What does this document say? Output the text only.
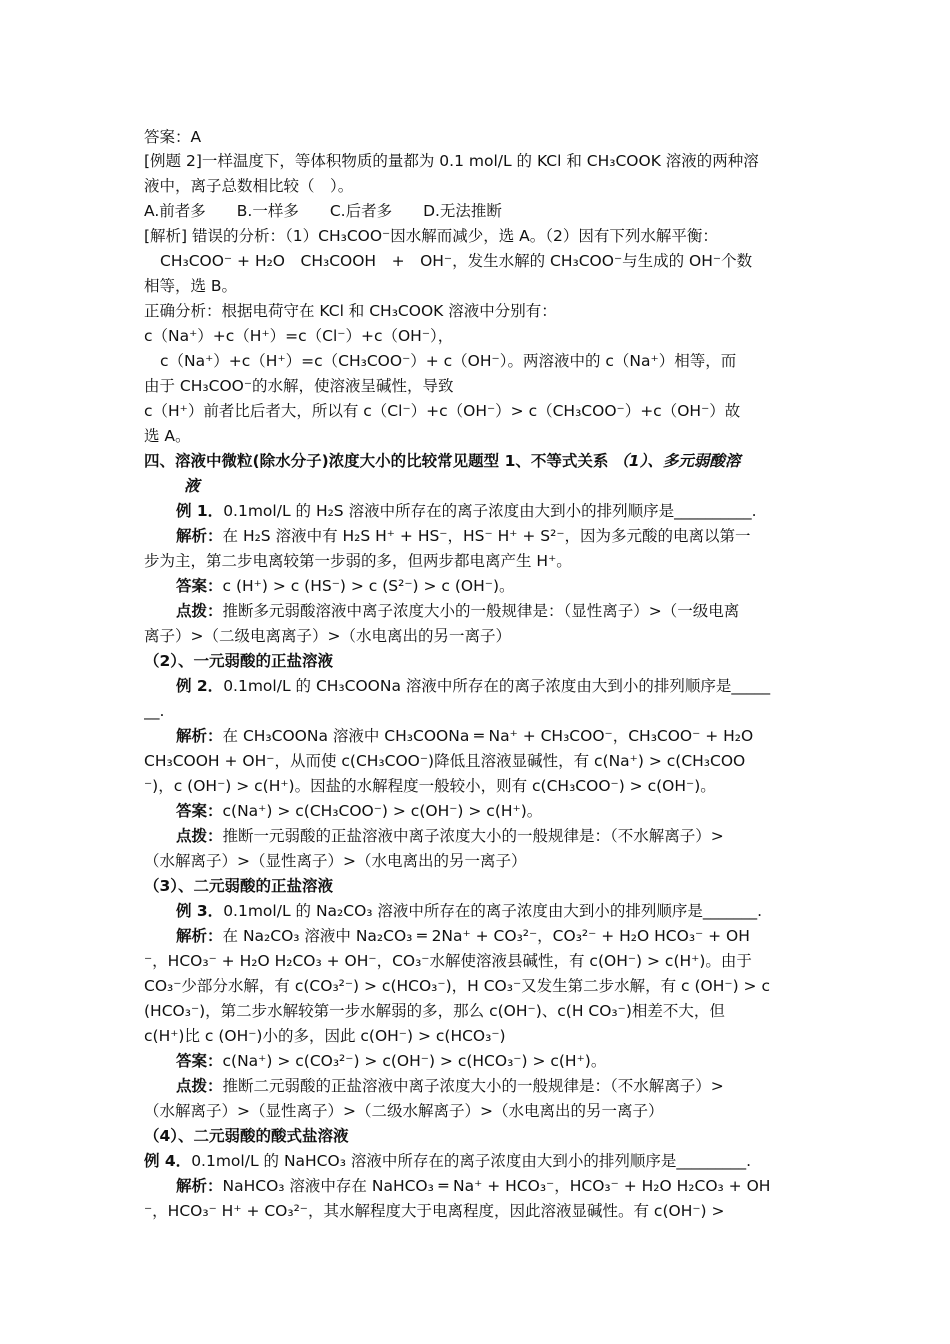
答案：A
[例题 2]一样温度下，等体积物质的量都为 0.1 mol/L 的 KCl 和 CH₃COOK 溶液的两种溶
液中，离子总数相比较（　）。
A.前者多　　B.一样多　　C.后者多　　D.无法推断
[解析] 错误的分析：（1）CH₃COO⁻因水解而减少，选 A。（2）因有下列水解平衡：
CH₃COO⁻ + H₂O　CH₃COOH　+　OH⁻，发生水解的 CH₃COO⁻与生成的 OH⁻个数
相等，选 B。
正确分析：根据电荷守在 KCl 和 CH₃COOK 溶液中分别有：
c（Na⁺）+c（H⁺）=c（Cl⁻）+c（OH⁻），
c（Na⁺）+c（H⁺）=c（CH₃COO⁻）+ c（OH⁻）。两溶液中的 c（Na⁺）相等，而
由于 CH₃COO⁻的水解，使溶液呈碱性，导致
c（H⁺）前者比后者大，所以有 c（Cl⁻）+c（OH⁻）> c（CH₃COO⁻）+c（OH⁻）故
选 A。
四、溶液中微粒(除水分子)浓度大小的比较常见题型 1、不等式关系 （1）、多元弱酸溶
液
例 1．0.1mol/L 的 H₂S 溶液中所存在的离子浓度由大到小的排列顺序是__________.
解析：在 H₂S 溶液中有 H₂S H⁺ + HS⁻，HS⁻ H⁺ + S²⁻，因为多元酸的电离以第一
步为主，第二步电离较第一步弱的多，但两步都电离产生 H⁺。
答案：c (H⁺) > c (HS⁻) > c (S²⁻) > c (OH⁻)。
点拨：推断多元弱酸溶液中离子浓度大小的一般规律是：（显性离子）>（一级电离
离子）>（二级电离离子）>（水电离出的另一离子）
（2）、一元弱酸的正盐溶液
例 2．0.1mol/L 的 CH₃COONa 溶液中所存在的离子浓度由大到小的排列顺序是_____
__.
解析：在 CH₃COONa 溶液中 CH₃COONa ═ Na⁺ + CH₃COO⁻，CH₃COO⁻ + H₂O
CH₃COOH + OH⁻，从而使 c(CH₃COO⁻)降低且溶液显碱性，有 c(Na⁺) > c(CH₃COO
⁻)，c (OH⁻) > c(H⁺)。因盐的水解程度一般较小，则有 c(CH₃COO⁻) > c(OH⁻)。
答案：c(Na⁺) > c(CH₃COO⁻) > c(OH⁻) > c(H⁺)。
点拨：推断一元弱酸的正盐溶液中离子浓度大小的一般规律是：（不水解离子）>
（水解离子）>（显性离子）>（水电离出的另一离子）
（3）、二元弱酸的正盐溶液
例 3．0.1mol/L 的 Na₂CO₃ 溶液中所存在的离子浓度由大到小的排列顺序是_______.
解析：在 Na₂CO₃ 溶液中 Na₂CO₃ ═ 2Na⁺ + CO₃²⁻，CO₃²⁻ + H₂O HCO₃⁻ + OH
⁻，HCO₃⁻ + H₂O H₂CO₃ + OH⁻，CO₃⁻水解使溶液县碱性，有 c(OH⁻) > c(H⁺)。由于
CO₃⁻少部分水解，有 c(CO₃²⁻) > c(HCO₃⁻)，H CO₃⁻又发生第二步水解，有 c (OH⁻) > c
(HCO₃⁻)，第二步水解较第一步水解弱的多，那么 c(OH⁻)、c(H CO₃⁻)相差不大，但
c(H⁺)比 c (OH⁻)小的多，因此 c(OH⁻) > c(HCO₃⁻)
答案：c(Na⁺) > c(CO₃²⁻) > c(OH⁻) > c(HCO₃⁻) > c(H⁺)。
点拨：推断二元弱酸的正盐溶液中离子浓度大小的一般规律是：（不水解离子）>
（水解离子）>（显性离子）>（二级水解离子）>（水电离出的另一离子）
（4）、二元弱酸的酸式盐溶液
例 4．0.1mol/L 的 NaHCO₃ 溶液中所存在的离子浓度由大到小的排列顺序是_________.
解析：NaHCO₃ 溶液中存在 NaHCO₃ ═ Na⁺ + HCO₃⁻，HCO₃⁻ + H₂O H₂CO₃ + OH
⁻，HCO₃⁻ H⁺ + CO₃²⁻，其水解程度大于电离程度，因此溶液显碱性。有 c(OH⁻) >
